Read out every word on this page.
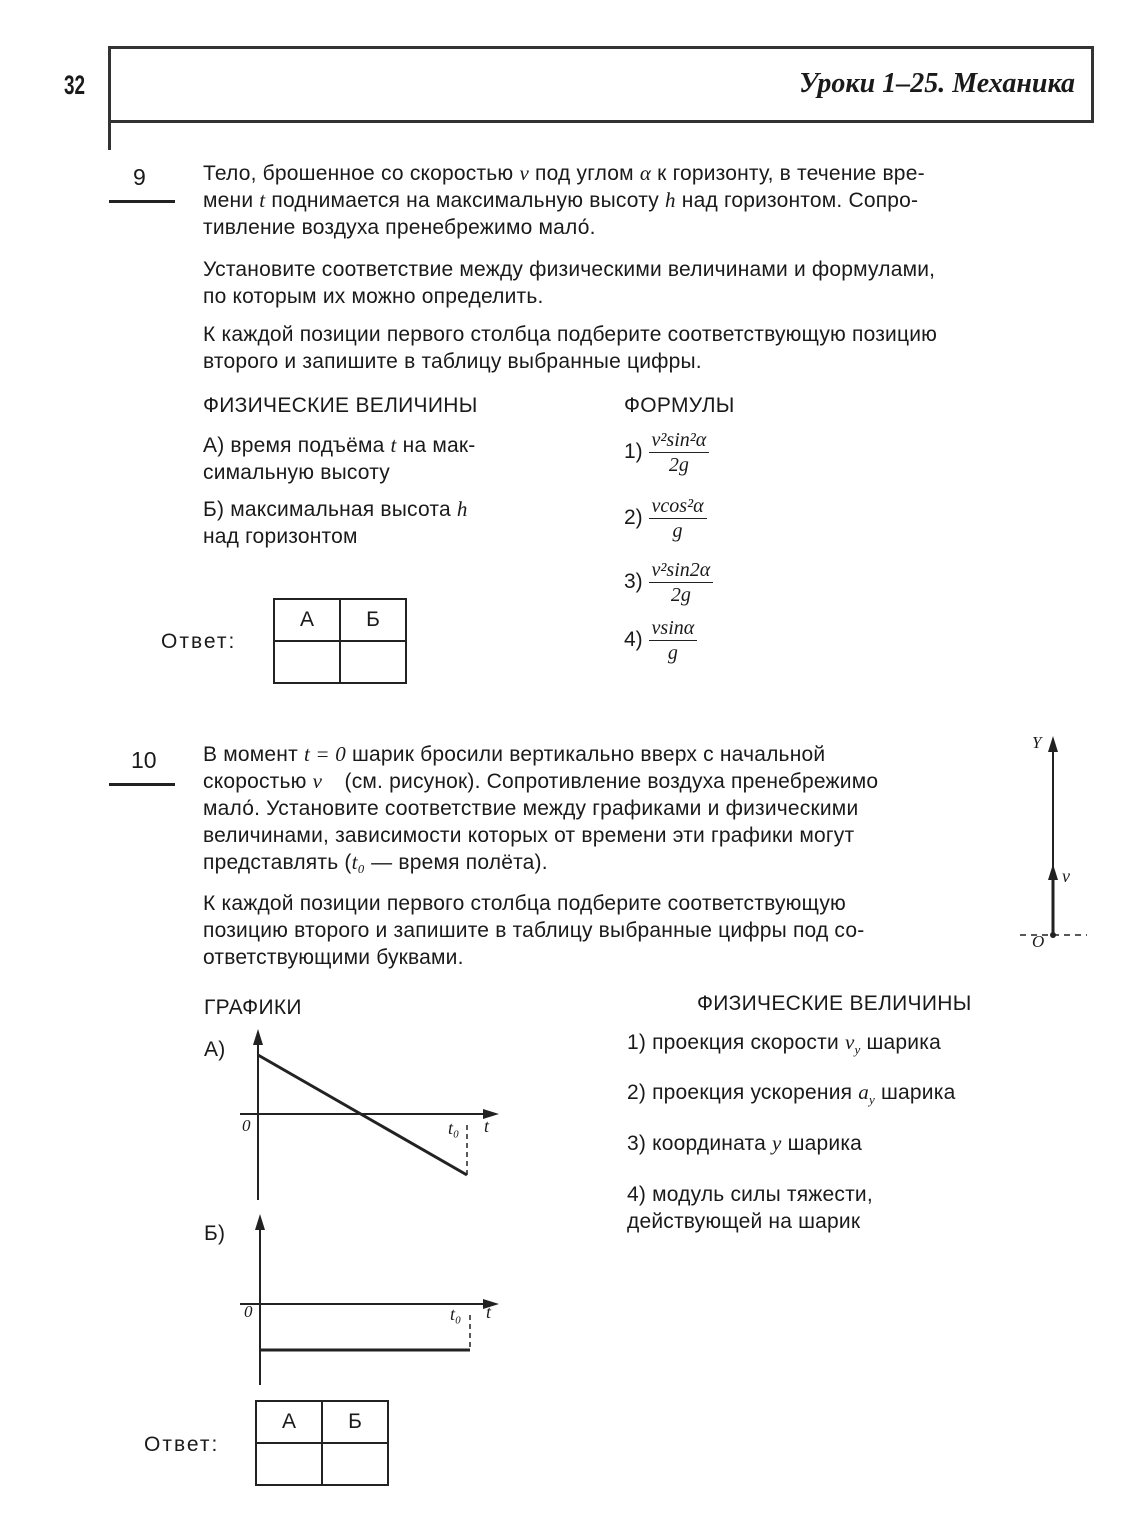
32	Уроки 1–25. Механика
9	Тело, брошенное со скоростью v под углом α к горизонту, в течение вре-
мени t поднимается на максимальную высоту h над горизонтом. Сопро-
тивление воздуха пренебрежимо мало́.
Установите соответствие между физическими величинами и формулами,
по которым их можно определить.
К каждой позиции первого столбца подберите соответствующую позицию
второго и запишите в таблицу выбранные цифры.
ФИЗИЧЕСКИЕ ВЕЛИЧИНЫ	ФОРМУЛЫ
А) время подъёма t на мак-
симальную высоту
Б) максимальная высота h
над горизонтом
$1) \frac{\text{v²sin²α}}{2g}$
$2) \frac{\text{vcos²α}}{g}$
$3) \frac{\text{v²sin2α}}{2g}$
$4) \frac{vsin\alpha}{g}$
Ответ:
А	Б

10 В момент t = 0 шарик бросили вертикально вверх с начальной
скоростью v⃗ (см. рисунок). Сопротивление воздуха пренебрежимо
мало́. Установите соответствие между графиками и физическими
величинами, зависимости которых от времени эти графики могут
представлять (t₀ — время полёта).
К каждой позиции первого столбца подберите соответствующую
позицию второго и запишите в таблицу выбранные цифры под со-
ответствующими буквами.
Y
v⃗
O
ГРАФИКИ	ФИЗИЧЕСКИЕ ВЕЛИЧИНЫ
А)
0	t₀ t
Б)
0	t₀ t
1) проекция скорости $v_y$ шарика
2) проекция ускорения $a_y$ шарика
3) координата y шарика
4) модуль силы тяжести,
действующей на шарик
Ответ:
А	Б
